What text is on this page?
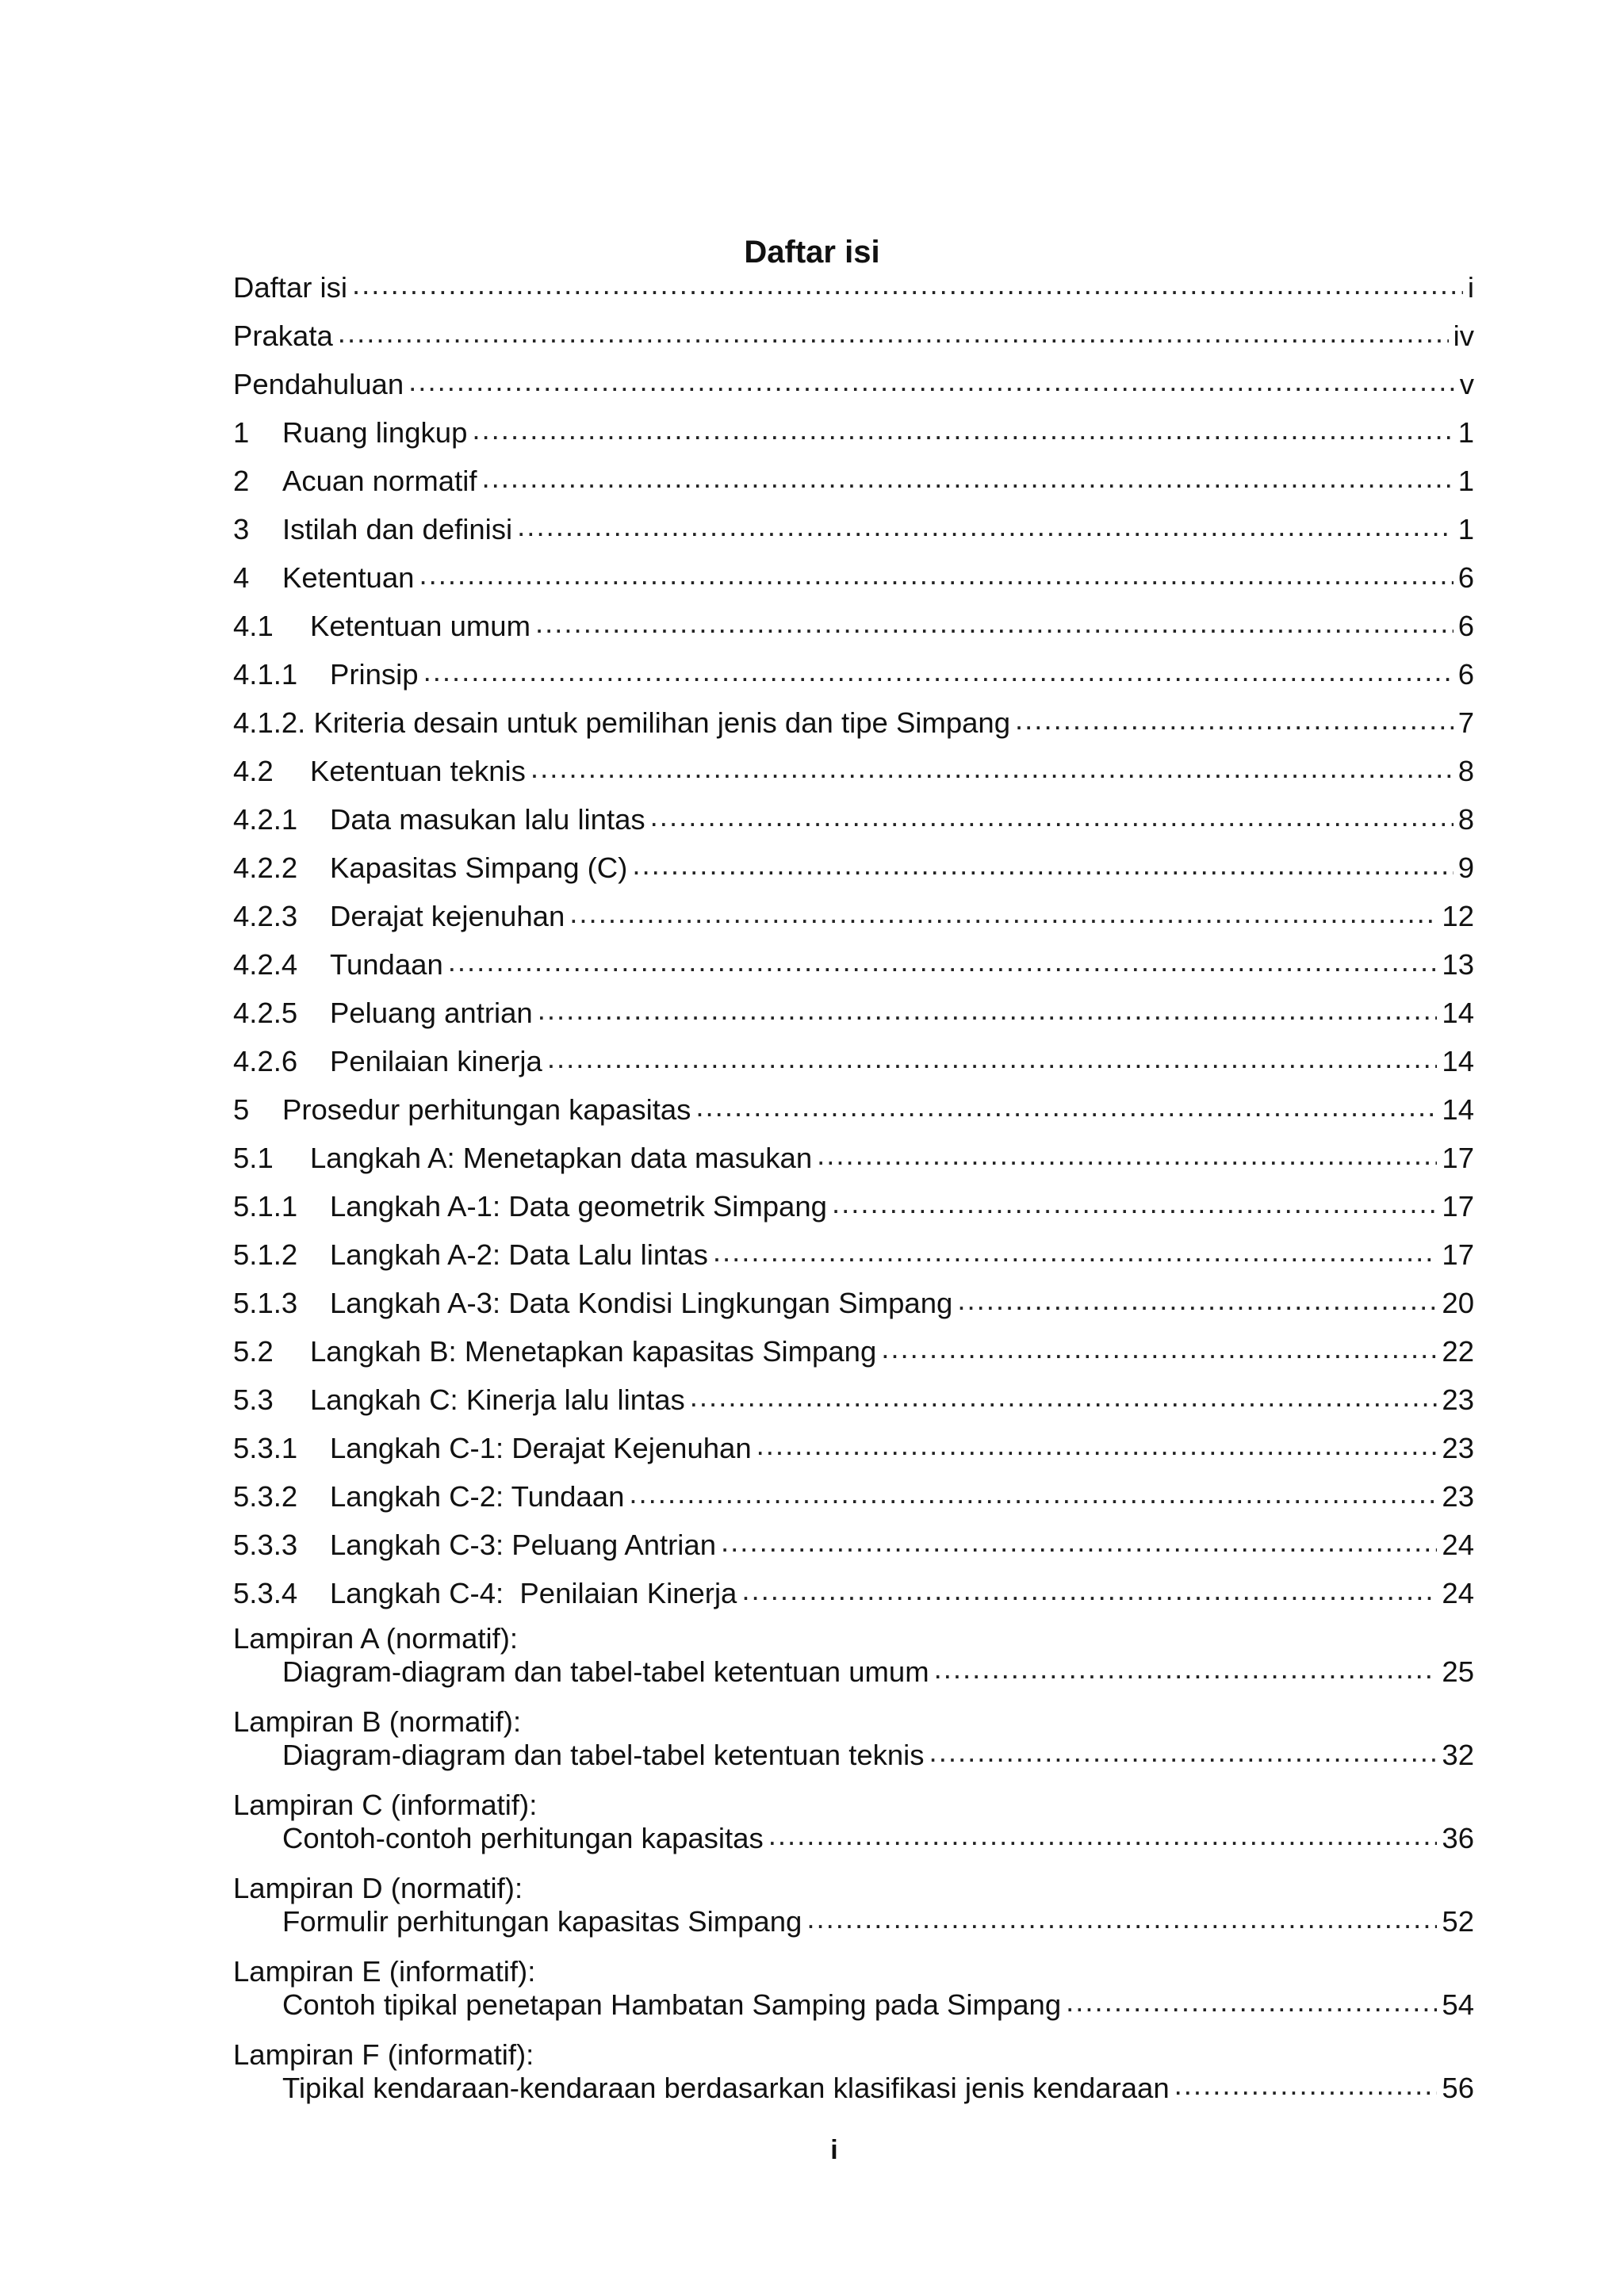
Daftar isi
Daftar isi .....	i
Prakata .....	iv
Pendahuluan .....	v
1	Ruang lingkup .....	1
2	Acuan normatif .....	1
3	Istilah dan definisi .....	1
4	Ketentuan .....	6
4.1	Ketentuan umum .....	6
4.1.1	Prinsip .....	6
4.1.2. Kriteria desain untuk pemilihan jenis dan tipe Simpang .....	7
4.2	Ketentuan teknis .....	8
4.2.1	Data masukan lalu lintas .....	8
4.2.2	Kapasitas Simpang (C) .....	9
4.2.3	Derajat kejenuhan .....	12
4.2.4	Tundaan .....	13
4.2.5	Peluang antrian .....	14
4.2.6	Penilaian kinerja .....	14
5	Prosedur perhitungan kapasitas .....	14
5.1	Langkah A: Menetapkan data masukan .....	17
5.1.1	Langkah A-1: Data geometrik Simpang .....	17
5.1.2	Langkah A-2: Data Lalu lintas .....	17
5.1.3	Langkah A-3: Data Kondisi Lingkungan Simpang .....	20
5.2	Langkah B: Menetapkan kapasitas Simpang .....	22
5.3	Langkah C: Kinerja lalu lintas .....	23
5.3.1	Langkah C-1: Derajat Kejenuhan .....	23
5.3.2	Langkah C-2: Tundaan .....	23
5.3.3	Langkah C-3: Peluang Antrian .....	24
5.3.4	Langkah C-4:  Penilaian Kinerja .....	24
Lampiran A (normatif):
Diagram-diagram dan tabel-tabel ketentuan umum .....	25
Lampiran B (normatif):
Diagram-diagram dan tabel-tabel ketentuan teknis .....	32
Lampiran C (informatif):
Contoh-contoh perhitungan kapasitas .....	36
Lampiran D (normatif):
Formulir perhitungan kapasitas Simpang .....	52
Lampiran E (informatif):
Contoh tipikal penetapan Hambatan Samping pada Simpang .....	54
Lampiran F (informatif):
Tipikal kendaraan-kendaraan berdasarkan klasifikasi jenis kendaraan .....	56
i
